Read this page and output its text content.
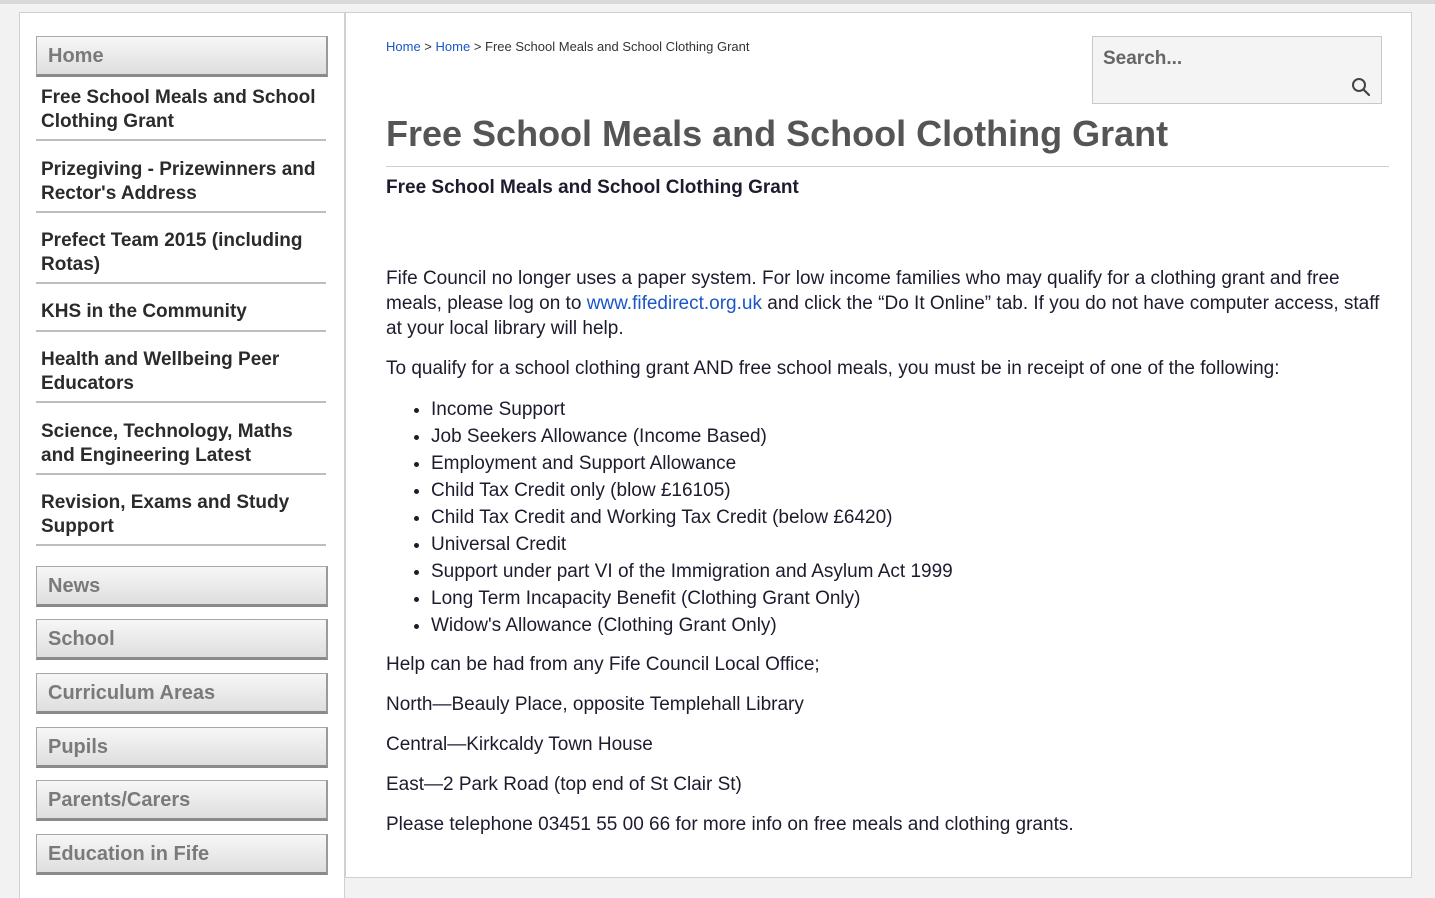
Home
Free School Meals and School Clothing Grant
Prizegiving - Prizewinners and Rector's Address
Prefect Team 2015 (including Rotas)
KHS in the Community
Health and Wellbeing Peer Educators
Science, Technology, Maths and Engineering Latest
Revision, Exams and Study Support
News
School
Curriculum Areas
Pupils
Parents/Carers
Education in Fife
Home > Home > Free School Meals and School Clothing Grant
Search...
Free School Meals and School Clothing Grant
Free School Meals and School Clothing Grant

Fife Council no longer uses a paper system. For low income families who may qualify for a clothing grant and free meals, please log on to www.fifedirect.org.uk and click the “Do It Online” tab. If you do not have computer access, staff at your local library will help.

To qualify for a school clothing grant AND free school meals, you must be in receipt of one of the following:

• Income Support
• Job Seekers Allowance (Income Based)
• Employment and Support Allowance
• Child Tax Credit only (blow £16105)
• Child Tax Credit and Working Tax Credit (below £6420)
• Universal Credit
• Support under part VI of the Immigration and Asylum Act 1999
• Long Term Incapacity Benefit (Clothing Grant Only)
• Widow's Allowance (Clothing Grant Only)

Help can be had from any Fife Council Local Office;

North—Beauly Place, opposite Templehall Library

Central—Kirkcaldy Town House

East—2 Park Road (top end of St Clair St)

Please telephone 03451 55 00 66 for more info on free meals and clothing grants.
